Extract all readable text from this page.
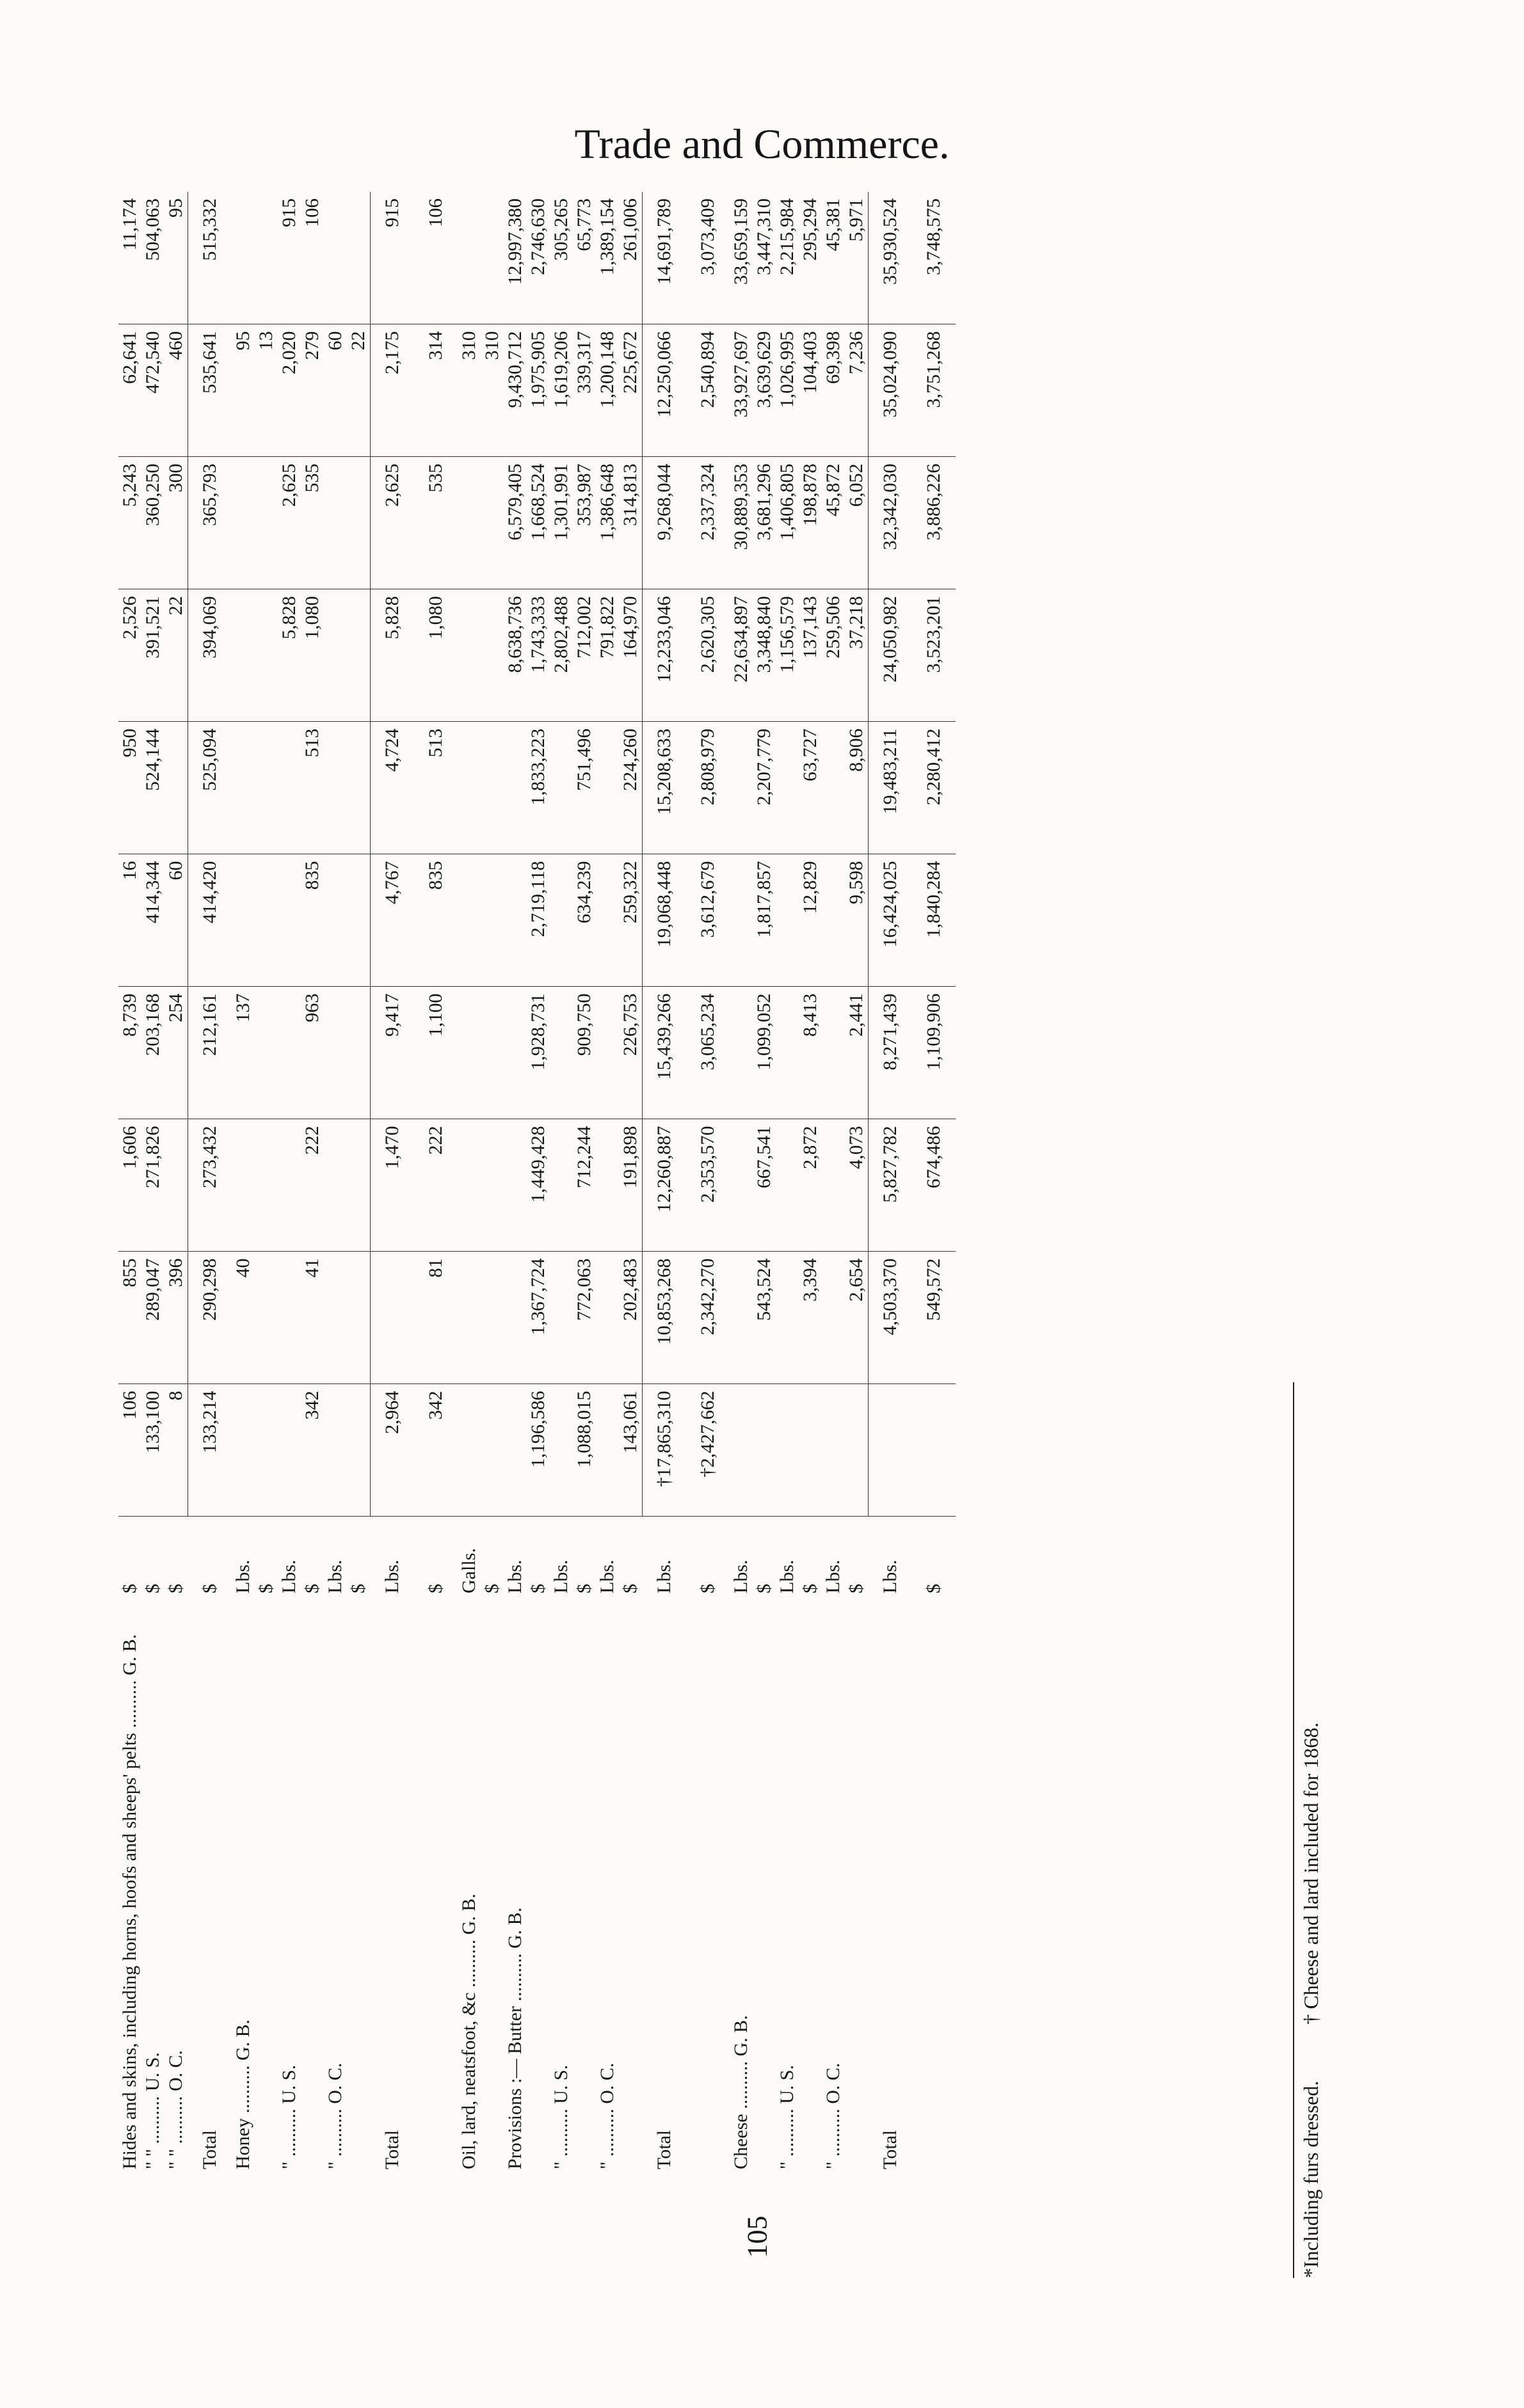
Trade and Commerce.
Hides and skins, including horns, hoofs and sheeps' pelts .......... G. B.	$	106	855	1,606	8,739	16	950	2,526	5,243	62,641	11,174
" " .......... U. S.	$	133,100	289,047	271,826	203,168	414,344	524,144	391,521	360,250	472,540	504,063
" " .......... O. C.	$	8	396		254	60		22	300	460	95
Total	$	133,214	290,298	273,432	212,161	414,420	525,094	394,069	365,793	535,641	515,332
Honey .......... G. B.	Lbs.		40		137					95	
	$									13	
" .......... U. S.	Lbs.							5,828	2,625	2,020	915
	$	342	41	222	963	835	513	1,080	535	279	106
" .......... O. C.	Lbs.									60	
	$									22	
Total	Lbs.	2,964		1,470	9,417	4,767	4,724	5,828	2,625	2,175	915
	$	342	81	222	1,100	835	513	1,080	535	314	106
Oil, lard, neatsfoot, &c .......... G. B.	Galls.									310	
	$									310	
Provisions :— Butter .......... G. B.	Lbs.							8,638,736	6,579,405	9,430,712	12,997,380
	$	1,196,586	1,367,724	1,449,428	1,928,731	2,719,118	1,833,223	1,743,333	1,668,524	1,975,905	2,746,630
" .......... U. S.	Lbs.							2,802,488	1,301,991	1,619,206	305,265
	$	1,088,015	772,063	712,244	909,750	634,239	751,496	712,002	353,987	339,317	65,773
" .......... O. C.	Lbs.							791,822	1,386,648	1,200,148	1,389,154
	$	143,061	202,483	191,898	226,753	259,322	224,260	164,970	314,813	225,672	261,006
Total	Lbs.	†17,865,310	10,853,268	12,260,887	15,439,266	19,068,448	15,208,633	12,233,046	9,268,044	12,250,066	14,691,789
	$	†2,427,662	2,342,270	2,353,570	3,065,234	3,612,679	2,808,979	2,620,305	2,337,324	2,540,894	3,073,409
Cheese .......... G. B.	Lbs.							22,634,897	30,889,353	33,927,697	33,659,159
	$		543,524	667,541	1,099,052	1,817,857	2,207,779	3,348,840	3,681,296	3,639,629	3,447,310
" .......... U. S.	Lbs.							1,156,579	1,406,805	1,026,995	2,215,984
	$		3,394	2,872	8,413	12,829	63,727	137,143	198,878	104,403	295,294
" .......... O. C.	Lbs.							259,506	45,872	69,398	45,381
	$		2,654	4,073	2,441	9,598	8,906	37,218	6,052	7,236	5,971
Total	Lbs.		4,503,370	5,827,782	8,271,439	16,424,025	19,483,211	24,050,982	32,342,030	35,024,090	35,930,524
	$		549,572	674,486	1,109,906	1,840,284	2,280,412	3,523,201	3,886,226	3,751,268	3,748,575
105	*Including furs dressed. † Cheese and lard included for 1868.
